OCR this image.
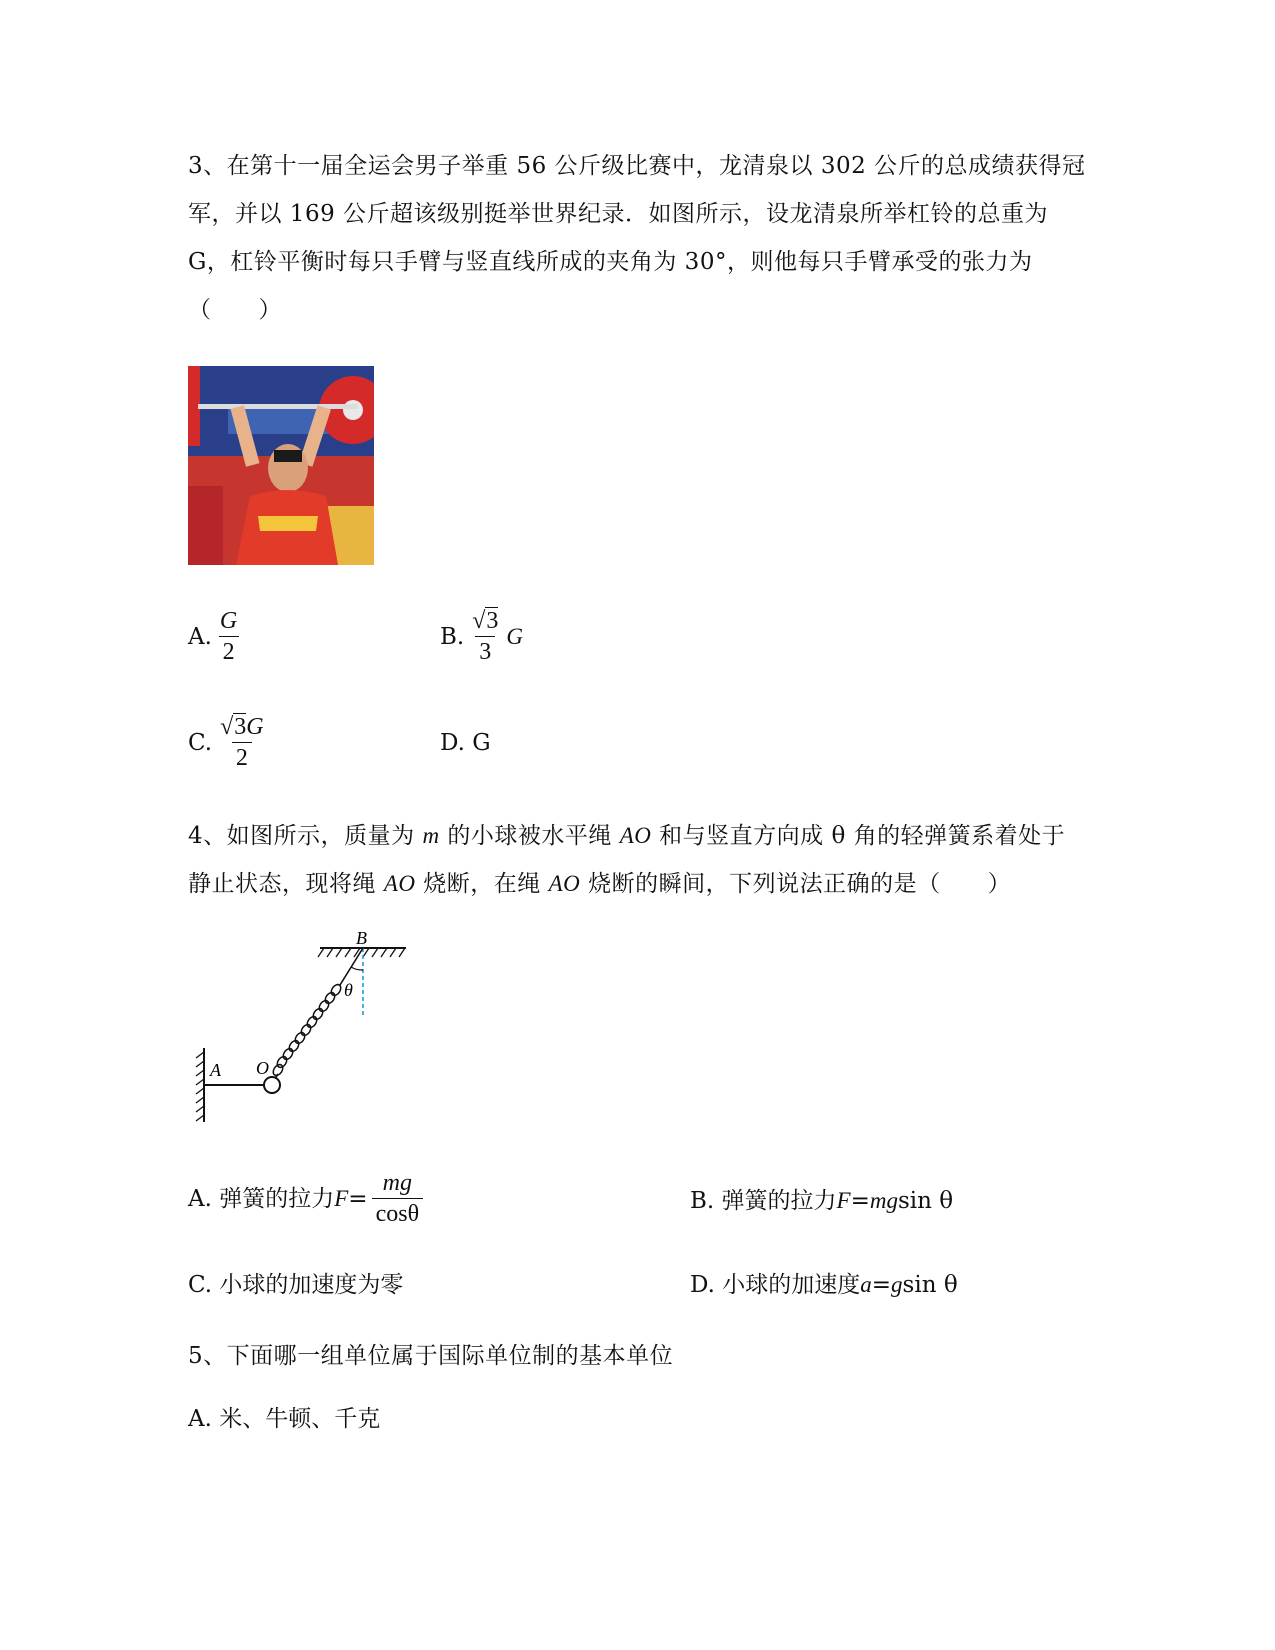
3、在第十一届全运会男子举重 56 公斤级比赛中，龙清泉以 302 公斤的总成绩获得冠军，并以 169 公斤超该级别挺举世界纪录．如图所示，设龙清泉所举杠铃的总重为 G，杠铃平衡时每只手臂与竖直线所成的夹角为 30°，则他每只手臂承受的张力为（　　）
A. $\frac{G}{2}$	B. $\frac{√3}{3}$ G
C. $\frac{√3G}{2}$	D. G
4、如图所示，质量为 m 的小球被水平绳 AO 和与竖直方向成 θ 角的轻弹簧系着处于静止状态，现将绳 AO 烧断，在绳 AO 烧断的瞬间，下列说法正确的是（　　）
B
A O
θ
A. 弹簧的拉力 $F = \frac{mg}{\cos\theta}$	B. 弹簧的拉力 F = mg sin θ
C. 小球的加速度为零	D. 小球的加速度 a = g sin θ
5、下面哪一组单位属于国际单位制的基本单位
A. 米、牛顿、千克
